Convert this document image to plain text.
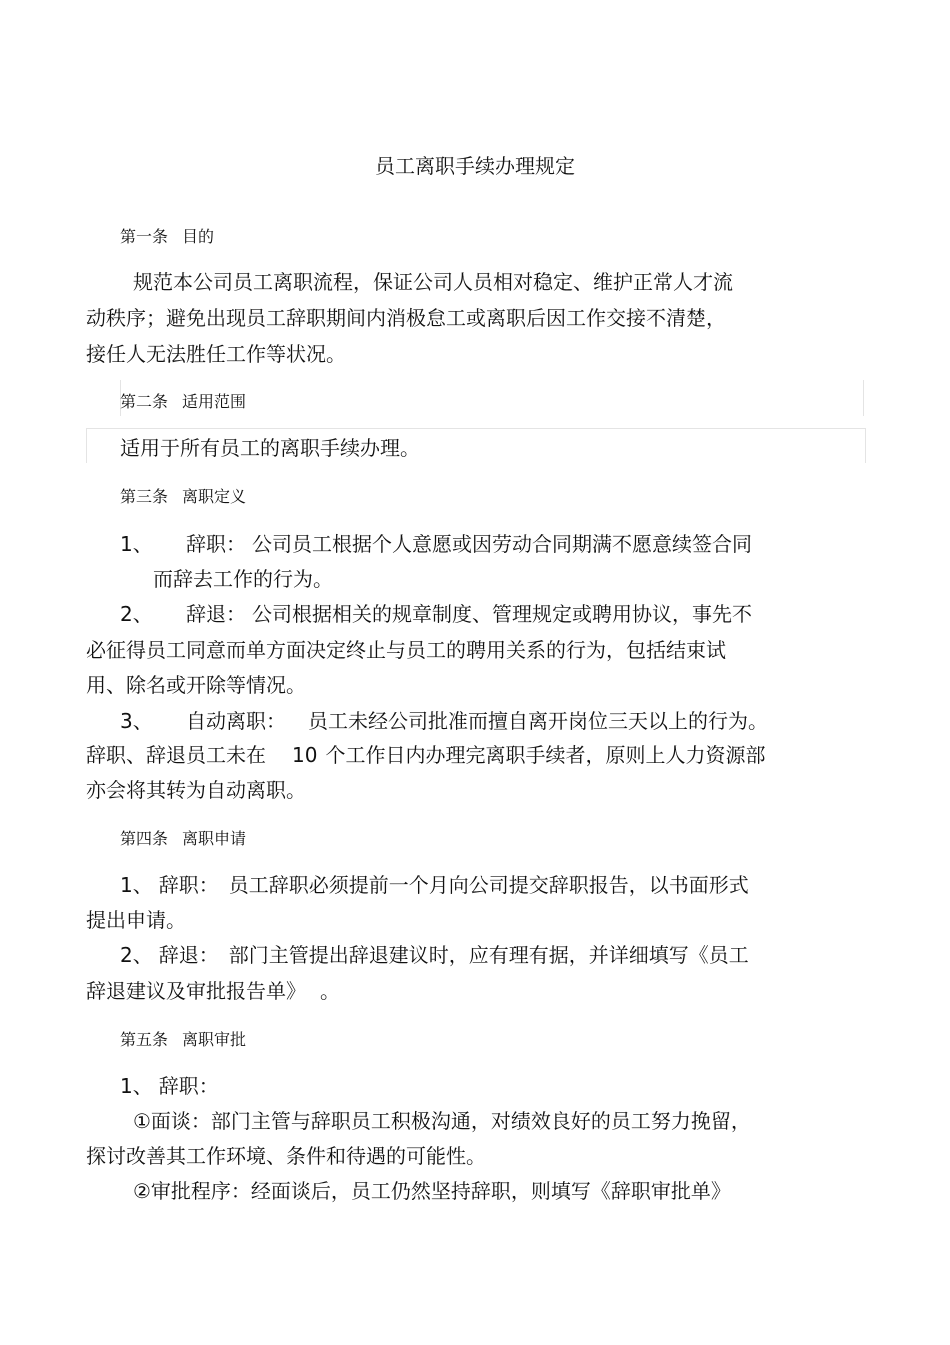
员工离职手续办理规定
第一条 目的
规范本公司员工离职流程，保证公司人员相对稳定、维护正常人才流
动秩序；避免出现员工辞职期间内消极怠工或离职后因工作交接不清楚，
接任人无法胜任工作等状况。
第二条 适用范围
适用于所有员工的离职手续办理。
第三条 离职定义
1、 辞职： 公司员工根据个人意愿或因劳动合同期满不愿意续签合同
而辞去工作的行为。
2、 辞退： 公司根据相关的规章制度、管理规定或聘用协议，事先不
必征得员工同意而单方面决定终止与员工的聘用关系的行为，包括结束试
用、除名或开除等情况。
3、 自动离职： 员工未经公司批准而擅自离开岗位三天以上的行为。
辞职、辞退员工未在 10 个工作日内办理完离职手续者，原则上人力资源部
亦会将其转为自动离职。
第四条 离职申请
1、 辞职： 员工辞职必须提前一个月向公司提交辞职报告，以书面形式
提出申请。
2、 辞退： 部门主管提出辞退建议时，应有理有据，并详细填写《员工
辞退建议及审批报告单》 。
第五条 离职审批
1、 辞职：
①面谈：部门主管与辞职员工积极沟通，对绩效良好的员工努力挽留，
探讨改善其工作环境、条件和待遇的可能性。
②审批程序：经面谈后，员工仍然坚持辞职，则填写《辞职审批单》
